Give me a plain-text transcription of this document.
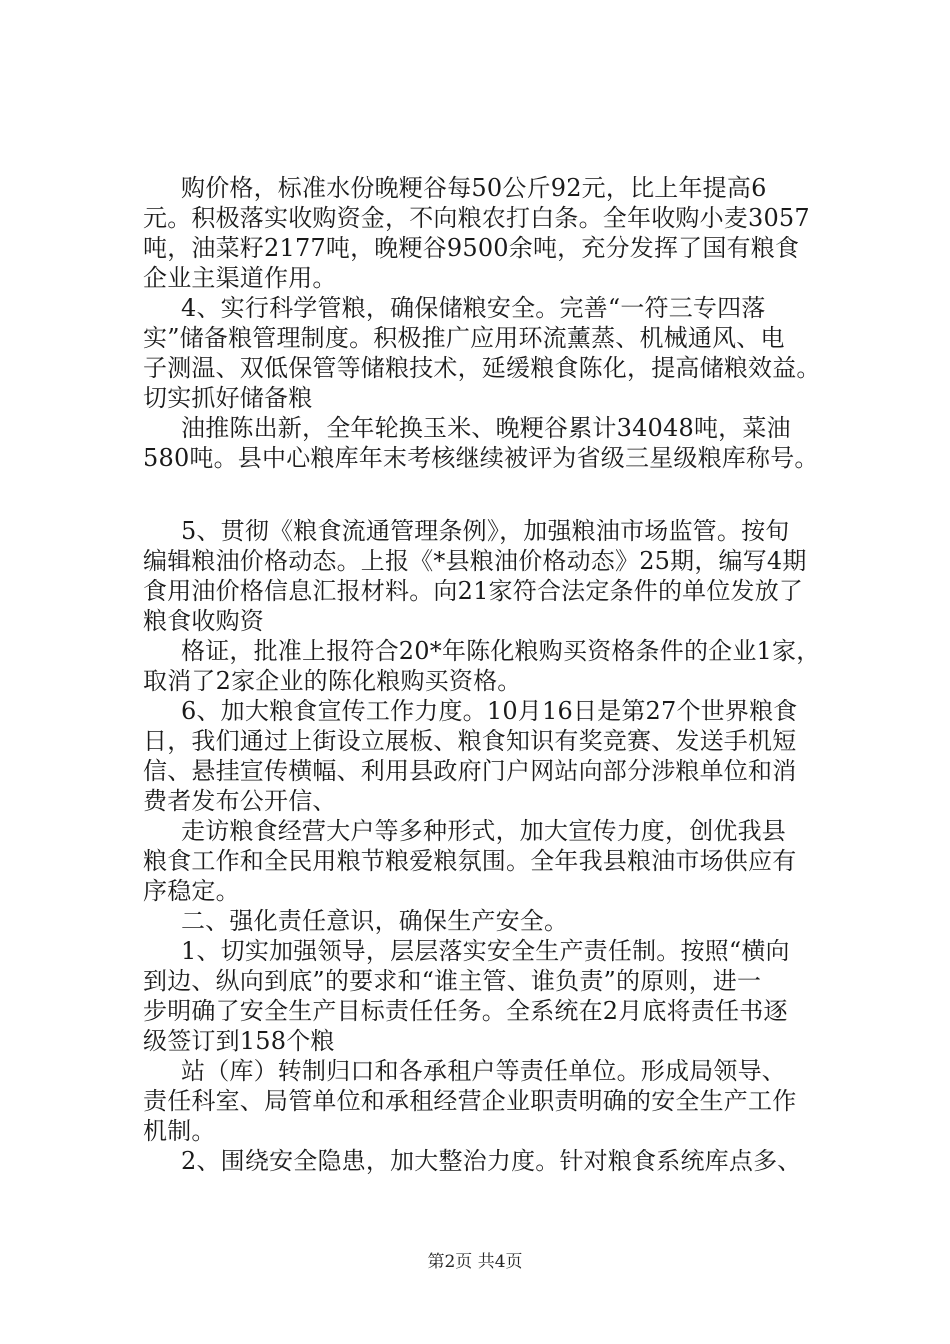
购价格，标准水份晚粳谷每50公斤92元，比上年提高6
元。积极落实收购资金，不向粮农打白条。全年收购小麦3057
吨，油菜籽2177吨，晚粳谷9500余吨，充分发挥了国有粮食
企业主渠道作用。
4、实行科学管粮，确保储粮安全。完善“一符三专四落
实”储备粮管理制度。积极推广应用环流薰蒸、机械通风、电
子测温、双低保管等储粮技术，延缓粮食陈化，提高储粮效益。
切实抓好储备粮
油推陈出新，全年轮换玉米、晚粳谷累计34048吨，菜油
580吨。县中心粮库年末考核继续被评为省级三星级粮库称号。
5、贯彻《粮食流通管理条例》，加强粮油市场监管。按旬
编辑粮油价格动态。上报《*县粮油价格动态》25期，编写4期
食用油价格信息汇报材料。向21家符合法定条件的单位发放了
粮食收购资
格证，批准上报符合20*年陈化粮购买资格条件的企业1家，
取消了2家企业的陈化粮购买资格。
6、加大粮食宣传工作力度。10月16日是第27个世界粮食
日，我们通过上街设立展板、粮食知识有奖竞赛、发送手机短
信、悬挂宣传横幅、利用县政府门户网站向部分涉粮单位和消
费者发布公开信、
走访粮食经营大户等多种形式，加大宣传力度，创优我县
粮食工作和全民用粮节粮爱粮氛围。全年我县粮油市场供应有
序稳定。
二、强化责任意识，确保生产安全。
1、切实加强领导，层层落实安全生产责任制。按照“横向
到边、纵向到底”的要求和“谁主管、谁负责”的原则，进一
步明确了安全生产目标责任任务。全系统在2月底将责任书逐
级签订到158个粮
站（库）转制归口和各承租户等责任单位。形成局领导、
责任科室、局管单位和承租经营企业职责明确的安全生产工作
机制。
2、围绕安全隐患，加大整治力度。针对粮食系统库点多、
第2页 共4页
